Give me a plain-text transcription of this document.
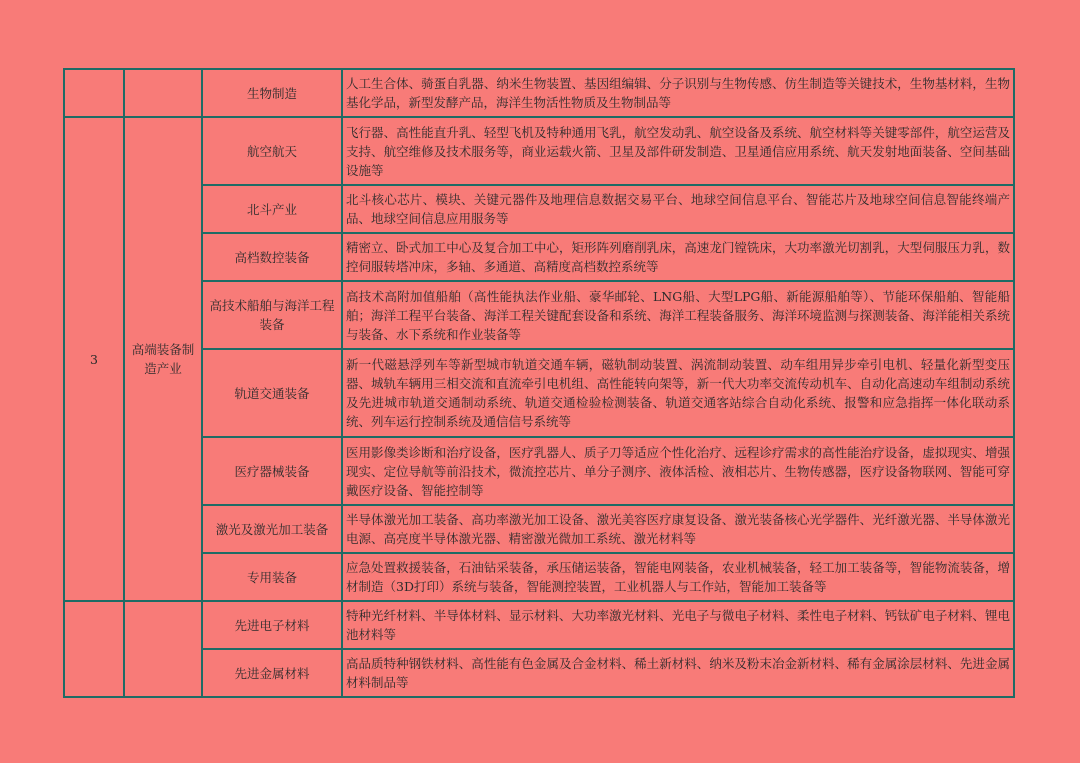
		生物制造	人工生合体、骑蛋自乳器、纳米生物装置、基因组编辑、分子识别与生物传感、仿生制造等关键技术，生物基材料，生物基化学品，新型发酵产品，海洋生物活性物质及生物制品等
3	高端装备制造产业	航空航天	飞行器、高性能直升乳、轻型飞机及特种通用飞乳，航空发动乳、航空设备及系统、航空材料等关键零部件，航空运营及支持、航空维修及技术服务等，商业运载火箭、卫星及部件研发制造、卫星通信应用系统、航天发射地面装备、空间基础设施等
		北斗产业	北斗核心芯片、模块、关键元器件及地理信息数据交易平台、地球空间信息平台、智能芯片及地球空间信息智能终端产品、地球空间信息应用服务等
		高档数控装备	精密立、卧式加工中心及复合加工中心，矩形阵列磨削乳床，高速龙门镗铣床，大功率激光切割乳，大型伺服压力乳，数控伺服转塔冲床，多轴、多通道、高精度高档数控系统等
		高技术船舶与海洋工程装备	高技术高附加值船舶（高性能执法作业船、豪华邮轮、LNG船、大型LPG船、新能源船舶等）、节能环保船舶、智能船舶；海洋工程平台装备、海洋工程关键配套设备和系统、海洋工程装备服务、海洋环境监测与探测装备、海洋能相关系统与装备、水下系统和作业装备等
		轨道交通装备	新一代磁悬浮列车等新型城市轨道交通车辆，磁轨制动装置、涡流制动装置、动车组用异步牵引电机、轻量化新型变压器、城轨车辆用三相交流和直流牵引电机组、高性能转向架等，新一代大功率交流传动机车、自动化高速动车组制动系统及先进城市轨道交通制动系统、轨道交通检验检测装备、轨道交通客站综合自动化系统、报警和应急指挥一体化联动系统、列车运行控制系统及通信信号系统等
		医疗器械装备	医用影像类诊断和治疗设备，医疗乳器人、质子刀等适应个性化治疗、远程诊疗需求的高性能治疗设备，虚拟现实、增强现实、定位导航等前沿技术，微流控芯片、单分子测序、液体活检、液相芯片、生物传感器，医疗设备物联网、智能可穿戴医疗设备、智能控制等
		激光及激光加工装备	半导体激光加工装备、高功率激光加工设备、激光美容医疗康复设备、激光装备核心光学器件、光纤激光器、半导体激光电源、高亮度半导体激光器、精密激光微加工系统、激光材料等
		专用装备	应急处置救援装备，石油钻采装备，承压储运装备，智能电网装备，农业机械装备，轻工加工装备等，智能物流装备，增材制造（3D打印）系统与装备，智能测控装置，工业机器人与工作站，智能加工装备等
		先进电子材料	特种光纤材料、半导体材料、显示材料、大功率激光材料、光电子与微电子材料、柔性电子材料、钙钛矿电子材料、锂电池材料等
		先进金属材料	高品质特种钢铁材料、高性能有色金属及合金材料、稀土新材料、纳米及粉末冶金新材料、稀有金属涂层材料、先进金属材料制品等
